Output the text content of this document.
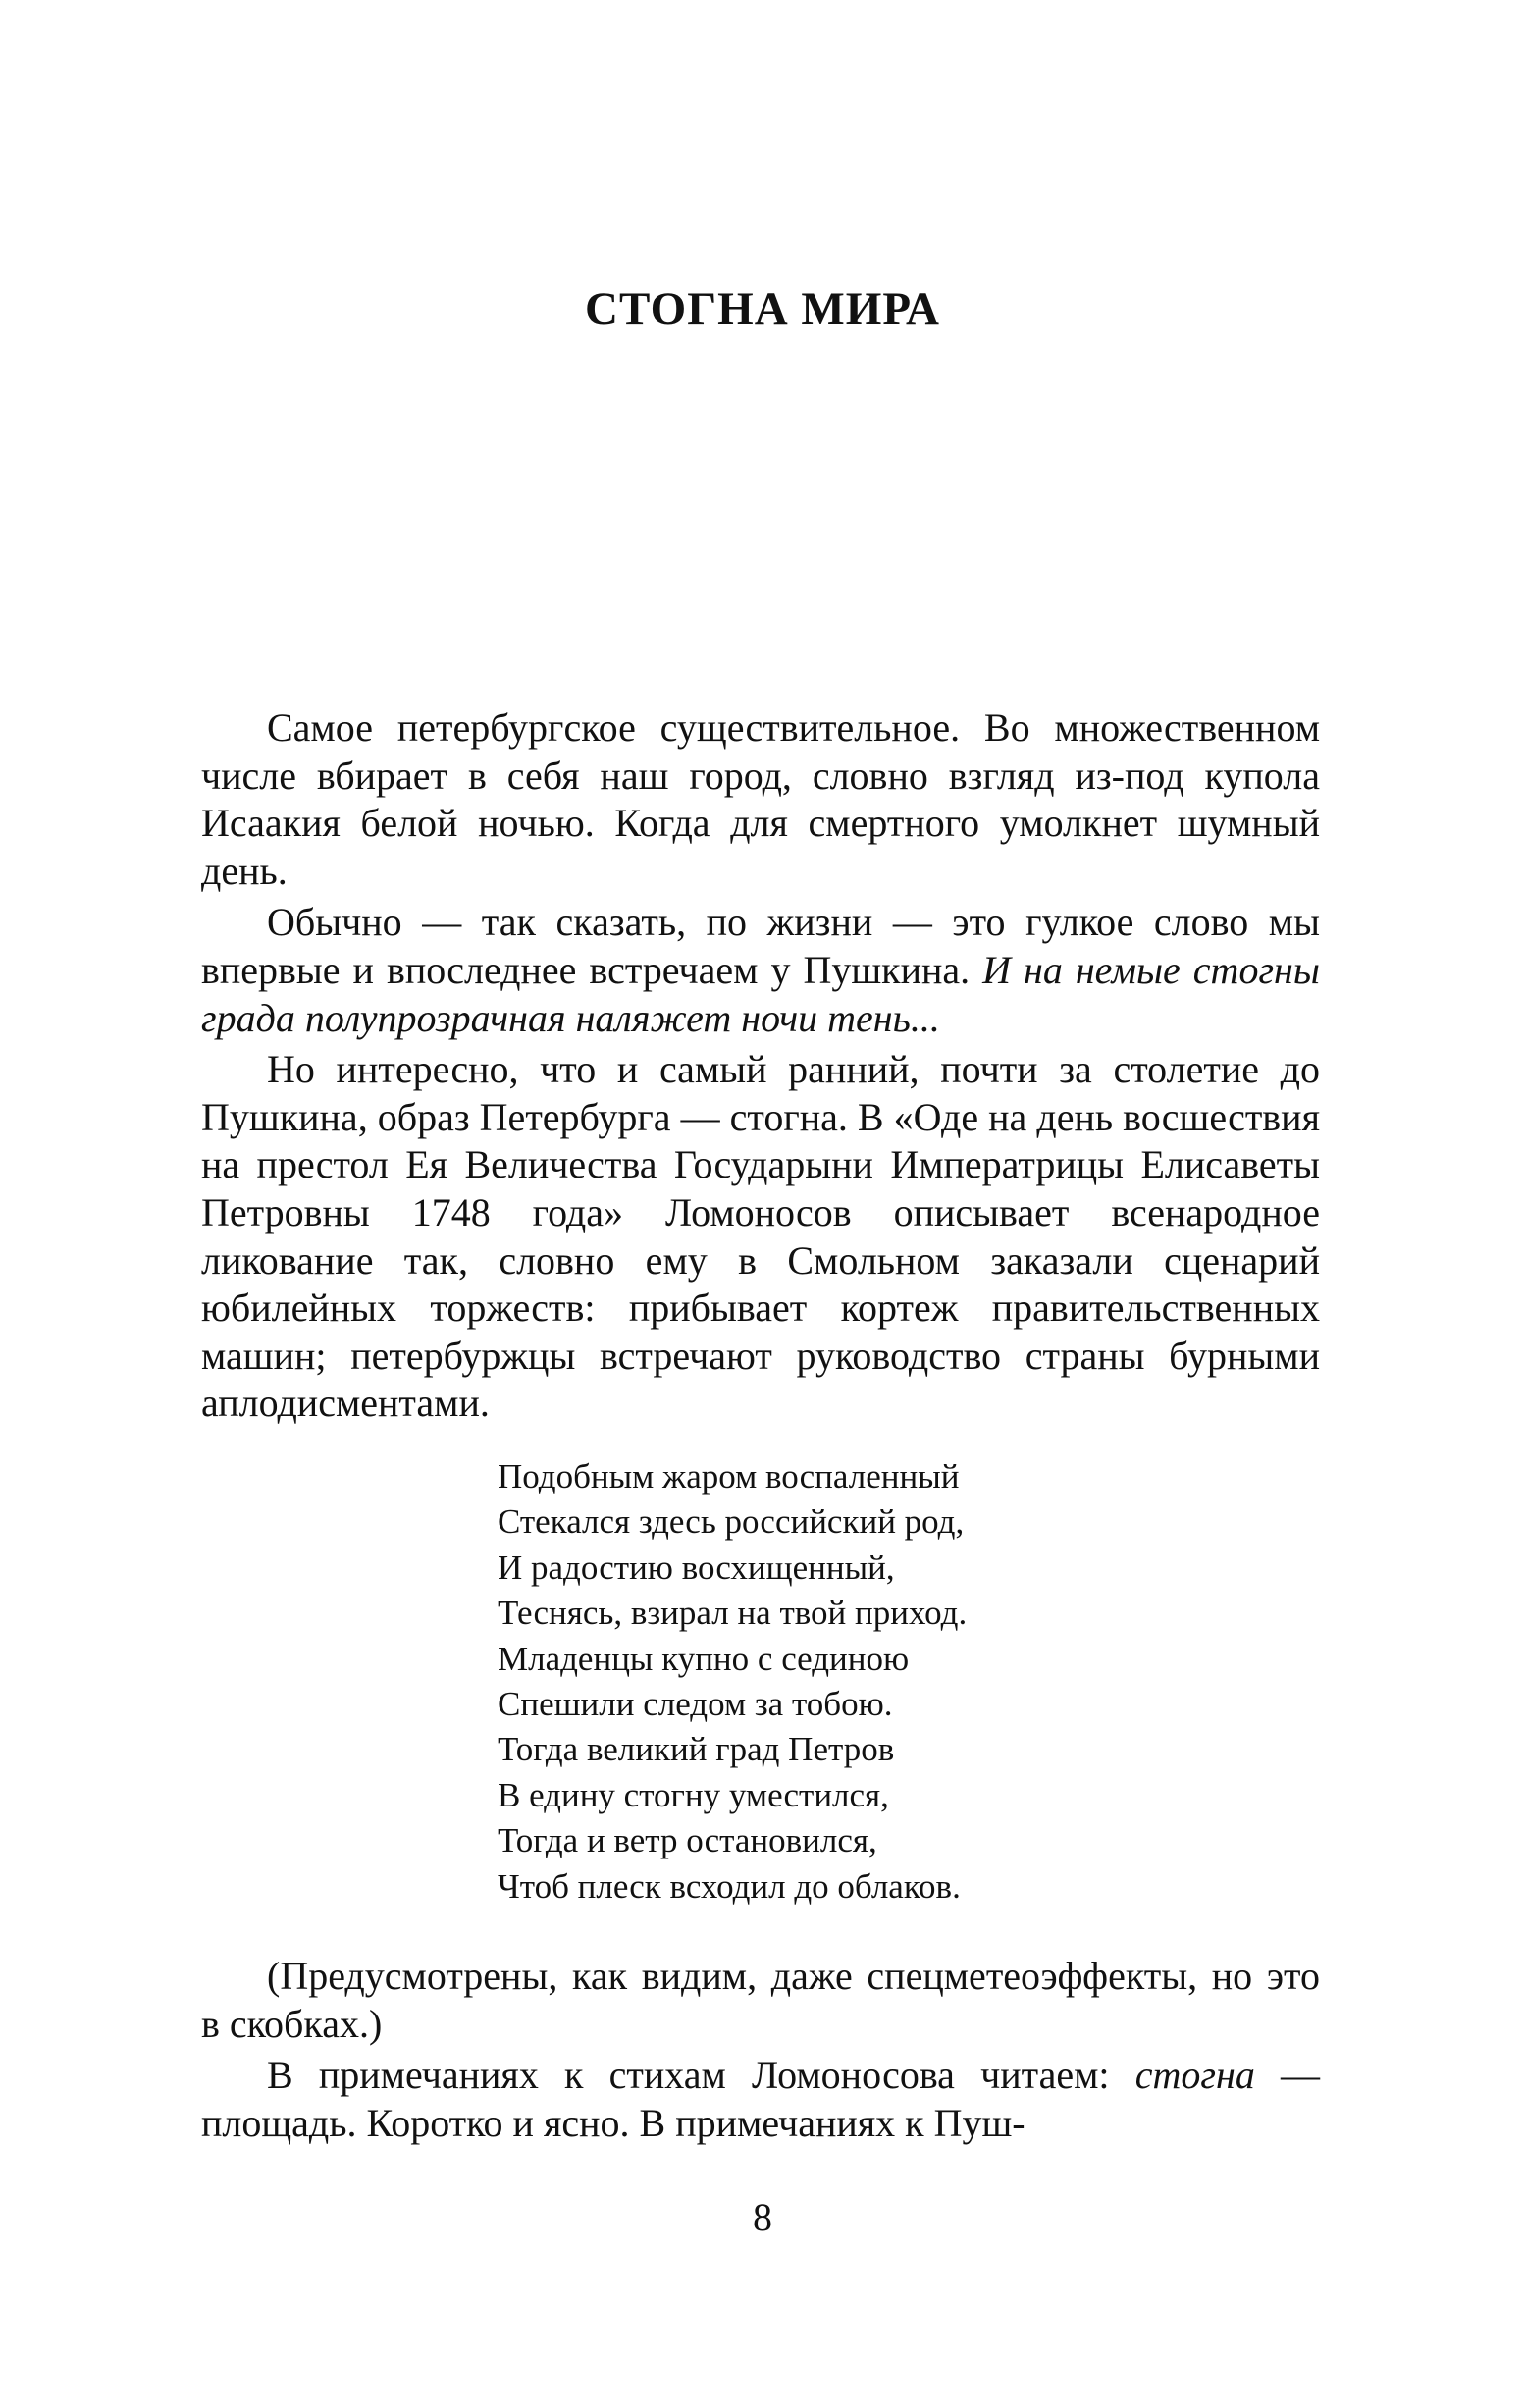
СТОГНА МИРА

Самое петербургское существительное. Во множественном числе вбирает в себя наш город, словно взгляд из-под купола Исаакия белой ночью. Когда для смертного умолкнет шумный день.

Обычно — так сказать, по жизни — это гулкое слово мы впервые и впоследнее встречаем у Пушкина. И на немые стогны града полупрозрачная наляжет ночи тень...

Но интересно, что и самый ранний, почти за столетие до Пушкина, образ Петербурга — стогна. В «Оде на день восшествия на престол Ея Величества Государыни Императрицы Елисаветы Петровны 1748 года» Ломоносов описывает всенародное ликование так, словно ему в Смольном заказали сценарий юбилейных торжеств: прибывает кортеж правительственных машин; петербуржцы встречают руководство страны бурными аплодисментами.

Подобным жаром воспаленный
Стекался здесь российский род,
И радостию восхищенный,
Теснясь, взирал на твой приход.
Младенцы купно с сединою
Спешили следом за тобою.
Тогда великий град Петров
В едину стогну уместился,
Тогда и ветр остановился,
Чтоб плеск всходил до облаков.

(Предусмотрены, как видим, даже спецметеоэффекты, но это в скобках.)

В примечаниях к стихам Ломоносова читаем: стогна — площадь. Коротко и ясно. В примечаниях к Пуш-

8
